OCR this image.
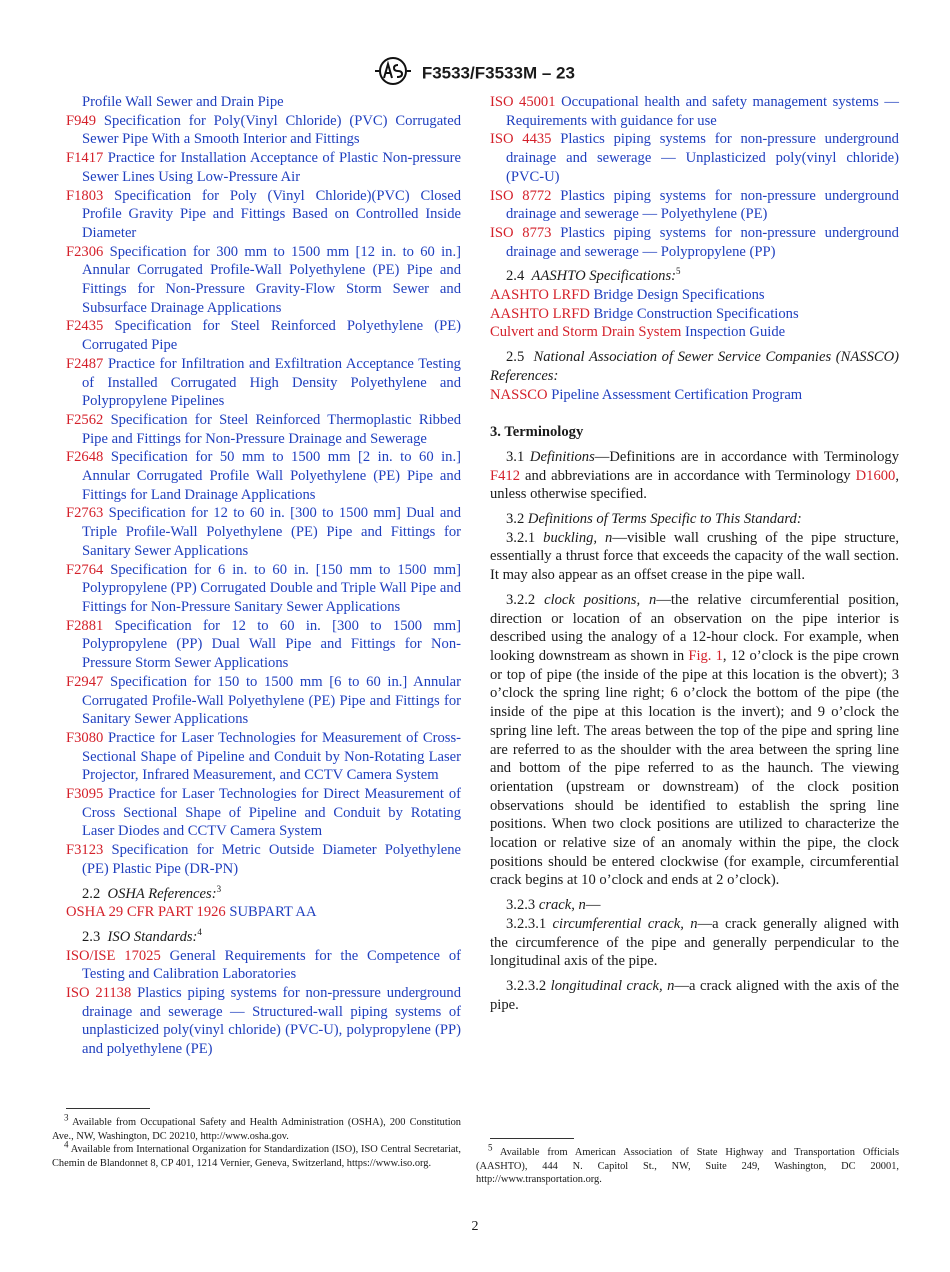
F3533/F3533M – 23

Profile Wall Sewer and Drain Pipe

F949 Specification for Poly(Vinyl Chloride) (PVC) Corrugated Sewer Pipe With a Smooth Interior and Fittings

F1417 Practice for Installation Acceptance of Plastic Non-pressure Sewer Lines Using Low-Pressure Air

F1803 Specification for Poly (Vinyl Chloride)(PVC) Closed Profile Gravity Pipe and Fittings Based on Controlled Inside Diameter

F2306 Specification for 300 mm to 1500 mm [12 in. to 60 in.] Annular Corrugated Profile-Wall Polyethylene (PE) Pipe and Fittings for Non-Pressure Gravity-Flow Storm Sewer and Subsurface Drainage Applications

F2435 Specification for Steel Reinforced Polyethylene (PE) Corrugated Pipe

F2487 Practice for Infiltration and Exfiltration Acceptance Testing of Installed Corrugated High Density Polyethylene and Polypropylene Pipelines

F2562 Specification for Steel Reinforced Thermoplastic Ribbed Pipe and Fittings for Non-Pressure Drainage and Sewerage

F2648 Specification for 50 mm to 1500 mm [2 in. to 60 in.] Annular Corrugated Profile Wall Polyethylene (PE) Pipe and Fittings for Land Drainage Applications

F2763 Specification for 12 to 60 in. [300 to 1500 mm] Dual and Triple Profile-Wall Polyethylene (PE) Pipe and Fittings for Sanitary Sewer Applications

F2764 Specification for 6 in. to 60 in. [150 mm to 1500 mm] Polypropylene (PP) Corrugated Double and Triple Wall Pipe and Fittings for Non-Pressure Sanitary Sewer Applications

F2881 Specification for 12 to 60 in. [300 to 1500 mm] Polypropylene (PP) Dual Wall Pipe and Fittings for Non-Pressure Storm Sewer Applications

F2947 Specification for 150 to 1500 mm [6 to 60 in.] Annular Corrugated Profile-Wall Polyethylene (PE) Pipe and Fittings for Sanitary Sewer Applications

F3080 Practice for Laser Technologies for Measurement of Cross-Sectional Shape of Pipeline and Conduit by Non-Rotating Laser Projector, Infrared Measurement, and CCTV Camera System

F3095 Practice for Laser Technologies for Direct Measurement of Cross Sectional Shape of Pipeline and Conduit by Rotating Laser Diodes and CCTV Camera System

F3123 Specification for Metric Outside Diameter Polyethylene (PE) Plastic Pipe (DR-PN)

2.2 OSHA References:$^3$

OSHA 29 CFR PART 1926 SUBPART AA

2.3 ISO Standards:$^4$

ISO/ISE 17025 General Requirements for the Competence of Testing and Calibration Laboratories

ISO 21138 Plastics piping systems for non-pressure underground drainage and sewerage — Structured-wall piping systems of unplasticized poly(vinyl chloride) (PVC-U), polypropylene (PP) and polyethylene (PE)

ISO 45001 Occupational health and safety management systems — Requirements with guidance for use

ISO 4435 Plastics piping systems for non-pressure underground drainage and sewerage — Unplasticized poly(vinyl chloride) (PVC-U)

ISO 8772 Plastics piping systems for non-pressure underground drainage and sewerage — Polyethylene (PE)

ISO 8773 Plastics piping systems for non-pressure underground drainage and sewerage — Polypropylene (PP)

2.4 AASHTO Specifications:$^5$

AASHTO LRFD Bridge Design Specifications

AASHTO LRFD Bridge Construction Specifications

Culvert and Storm Drain System Inspection Guide

2.5 National Association of Sewer Service Companies (NASSCO) References:

NASSCO Pipeline Assessment Certification Program

3. Terminology

3.1 Definitions—Definitions are in accordance with Terminology F412 and abbreviations are in accordance with Terminology D1600, unless otherwise specified.

3.2 Definitions of Terms Specific to This Standard:

3.2.1 buckling, n—visible wall crushing of the pipe structure, essentially a thrust force that exceeds the capacity of the wall section. It may also appear as an offset crease in the pipe wall.

3.2.2 clock positions, n—the relative circumferential position, direction or location of an observation on the pipe interior is described using the analogy of a 12-hour clock. For example, when looking downstream as shown in Fig. 1, 12 o’clock is the pipe crown or top of pipe (the inside of the pipe at this location is the obvert); 3 o’clock the spring line right; 6 o’clock the bottom of the pipe (the inside of the pipe at this location is the invert); and 9 o’clock the spring line left. The areas between the top of the pipe and spring line are referred to as the shoulder with the area between the spring line and bottom of the pipe referred to as the haunch. The viewing orientation (upstream or downstream) of the clock position observations should be identified to establish the spring line positions. When two clock positions are utilized to characterize the location or relative size of an anomaly within the pipe, the clock positions should be entered clockwise (for example, circumferential crack begins at 10 o’clock and ends at 2 o’clock).

3.2.3 crack, n—

3.2.3.1 circumferential crack, n—a crack generally aligned with the circumference of the pipe and generally perpendicular to the longitudinal axis of the pipe.

3.2.3.2 longitudinal crack, n—a crack aligned with the axis of the pipe.

$^3$ Available from Occupational Safety and Health Administration (OSHA), 200 Constitution Ave., NW, Washington, DC 20210, http://www.osha.gov.

$^4$ Available from International Organization for Standardization (ISO), ISO Central Secretariat, Chemin de Blandonnet 8, CP 401, 1214 Vernier, Geneva, Switzerland, https://www.iso.org.

$^5$ Available from American Association of State Highway and Transportation Officials (AASHTO), 444 N. Capitol St., NW, Suite 249, Washington, DC 20001, http://www.transportation.org.

2
